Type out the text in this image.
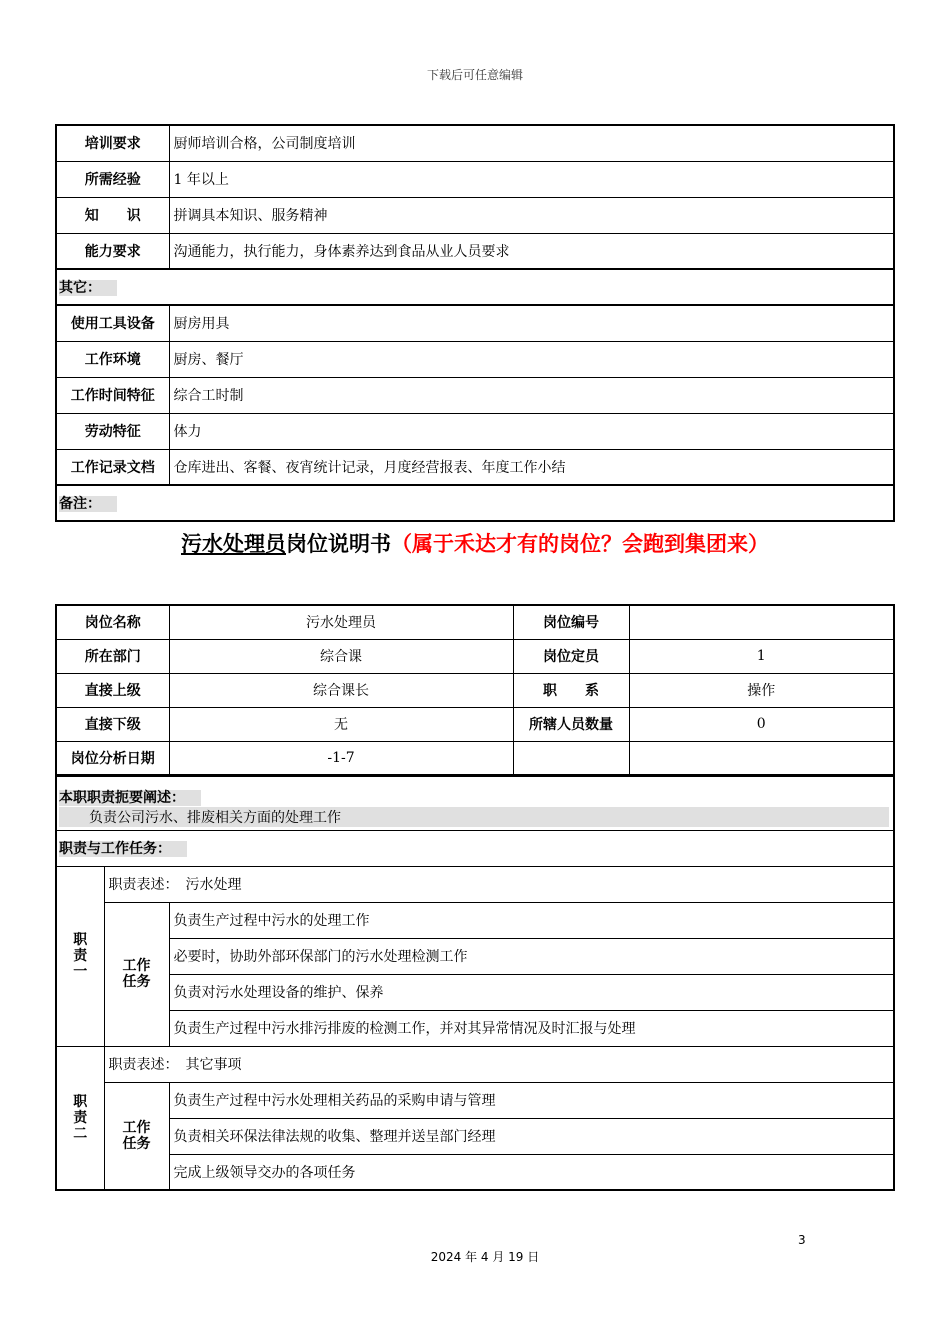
下载后可任意编辑
培训要求	厨师培训合格，公司制度培训
所需经验	1 年以上
知　　识	拼调具本知识、服务精神
能力要求	沟通能力，执行能力，身体素养达到食品从业人员要求
其它：	
使用工具设备	厨房用具
工作环境	厨房、餐厅
工作时间特征	综合工时制
劳动特征	体力
工作记录文档	仓库进出、客餐、夜宵统计记录，月度经营报表、年度工作小结
备注：	
污水处理员岗位说明书（属于禾达才有的岗位？会跑到集团来）
岗位名称	污水处理员	岗位编号	
所在部门	综合课	岗位定员	1
直接上级	综合课长	职　　系	操作
直接下级	无	所辖人员数量	0
岗位分析日期	-1-7		
本职职责扼要阐述：
负责公司污水、排废相关方面的处理工作		

职责与工作任务：		
职责一	职责表述：　污水处理	
	工作任务	负责生产过程中污水的处理工作
		必要时，协助外部环保部门的污水处理检测工作
		负责对污水处理设备的维护、保养
		负责生产过程中污水排污排废的检测工作，并对其异常情况及时汇报与处理
职责二	职责表述：　其它事项	
	工作任务	负责生产过程中污水处理相关药品的采购申请与管理
		负责相关环保法律法规的收集、整理并送呈部门经理
		完成上级领导交办的各项任务
3
2024 年 4 月 19 日
